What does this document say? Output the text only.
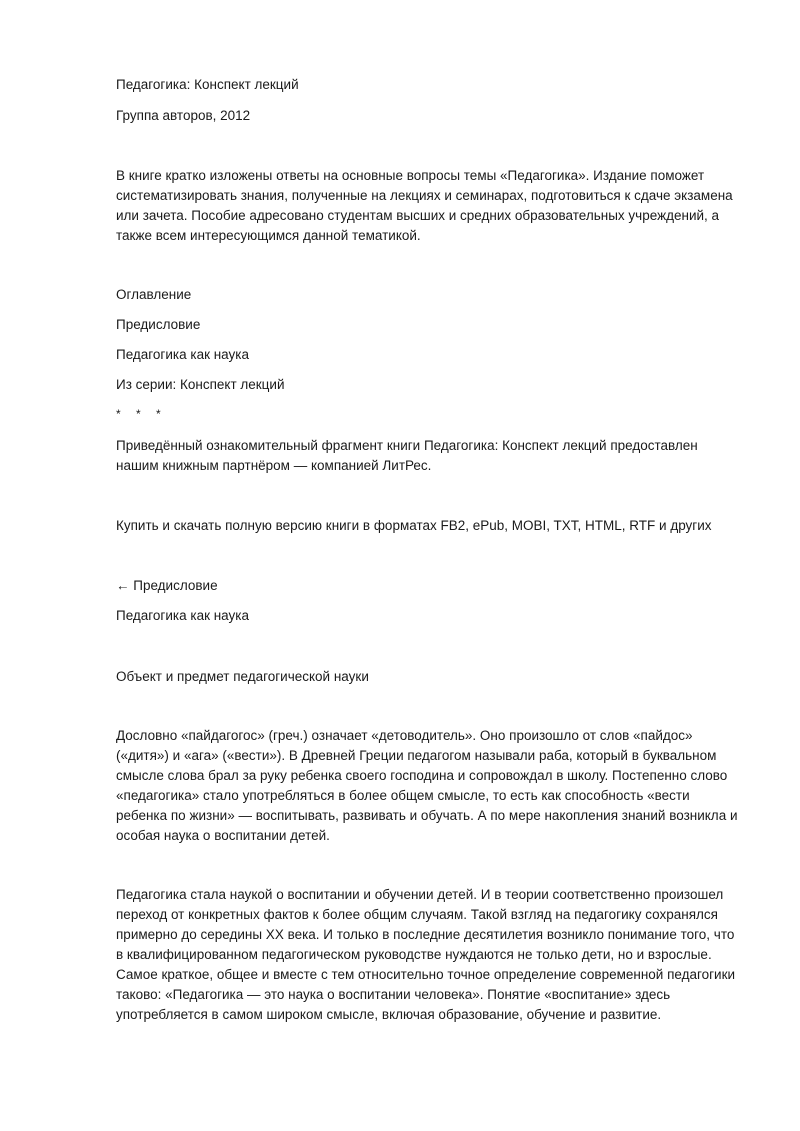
Педагогика: Конспект лекций

Группа авторов, 2012

В книге кратко изложены ответы на основные вопросы темы «Педагогика». Издание поможет систематизировать знания, полученные на лекциях и семинарах, подготовиться к сдаче экзамена или зачета. Пособие адресовано студентам высших и средних образовательных учреждений, а также всем интересующимся данной тематикой.

Оглавление

Предисловие

Педагогика как наука

Из серии: Конспект лекций

* * *

Приведённый ознакомительный фрагмент книги Педагогика: Конспект лекций предоставлен нашим книжным партнёром — компанией ЛитРес.

Купить и скачать полную версию книги в форматах FB2, ePub, MOBI, TXT, HTML, RTF и других

← Предисловие

Педагогика как наука

Объект и предмет педагогической науки

Дословно «пайдагогос» (греч.) означает «детоводитель». Оно произошло от слов «пайдос» («дитя») и «ага» («вести»). В Древней Греции педагогом называли раба, который в буквальном смысле слова брал за руку ребенка своего господина и сопровождал в школу. Постепенно слово «педагогика» стало употребляться в более общем смысле, то есть как способность «вести ребенка по жизни» — воспитывать, развивать и обучать. А по мере накопления знаний возникла и особая наука о воспитании детей.

Педагогика стала наукой о воспитании и обучении детей. И в теории соответственно произошел переход от конкретных фактов к более общим случаям. Такой взгляд на педагогику сохранялся примерно до середины XX века. И только в последние десятилетия возникло понимание того, что в квалифицированном педагогическом руководстве нуждаются не только дети, но и взрослые. Самое краткое, общее и вместе с тем относительно точное определение современной педагогики таково: «Педагогика — это наука о воспитании человека». Понятие «воспитание» здесь употребляется в самом широком смысле, включая образование, обучение и развитие.
